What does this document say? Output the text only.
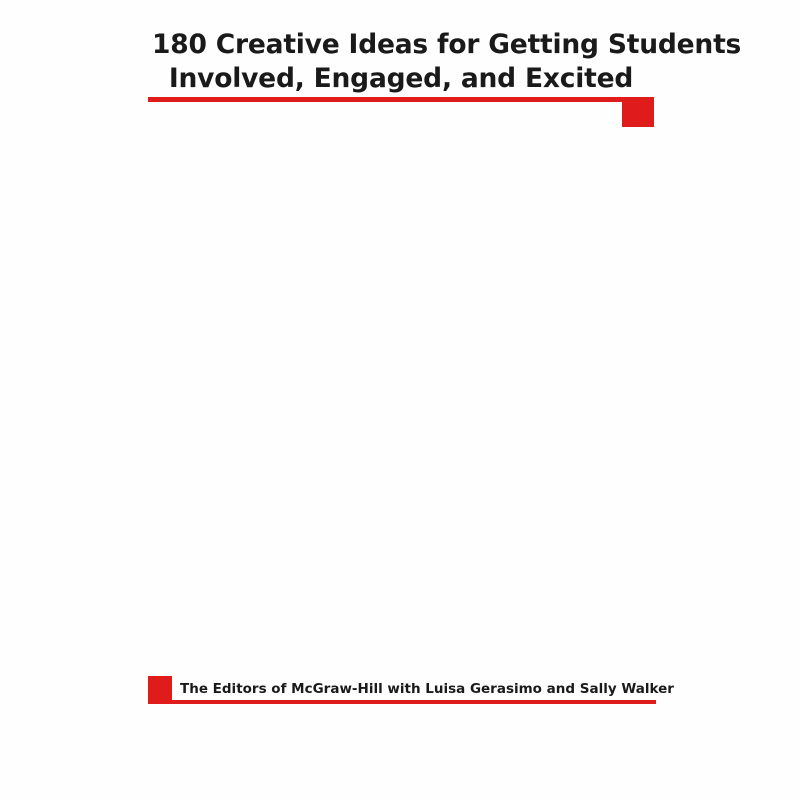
180 Creative Ideas for Getting Students
Involved, Engaged, and Excited
The Editors of McGraw-Hill with Luisa Gerasimo and Sally Walker
